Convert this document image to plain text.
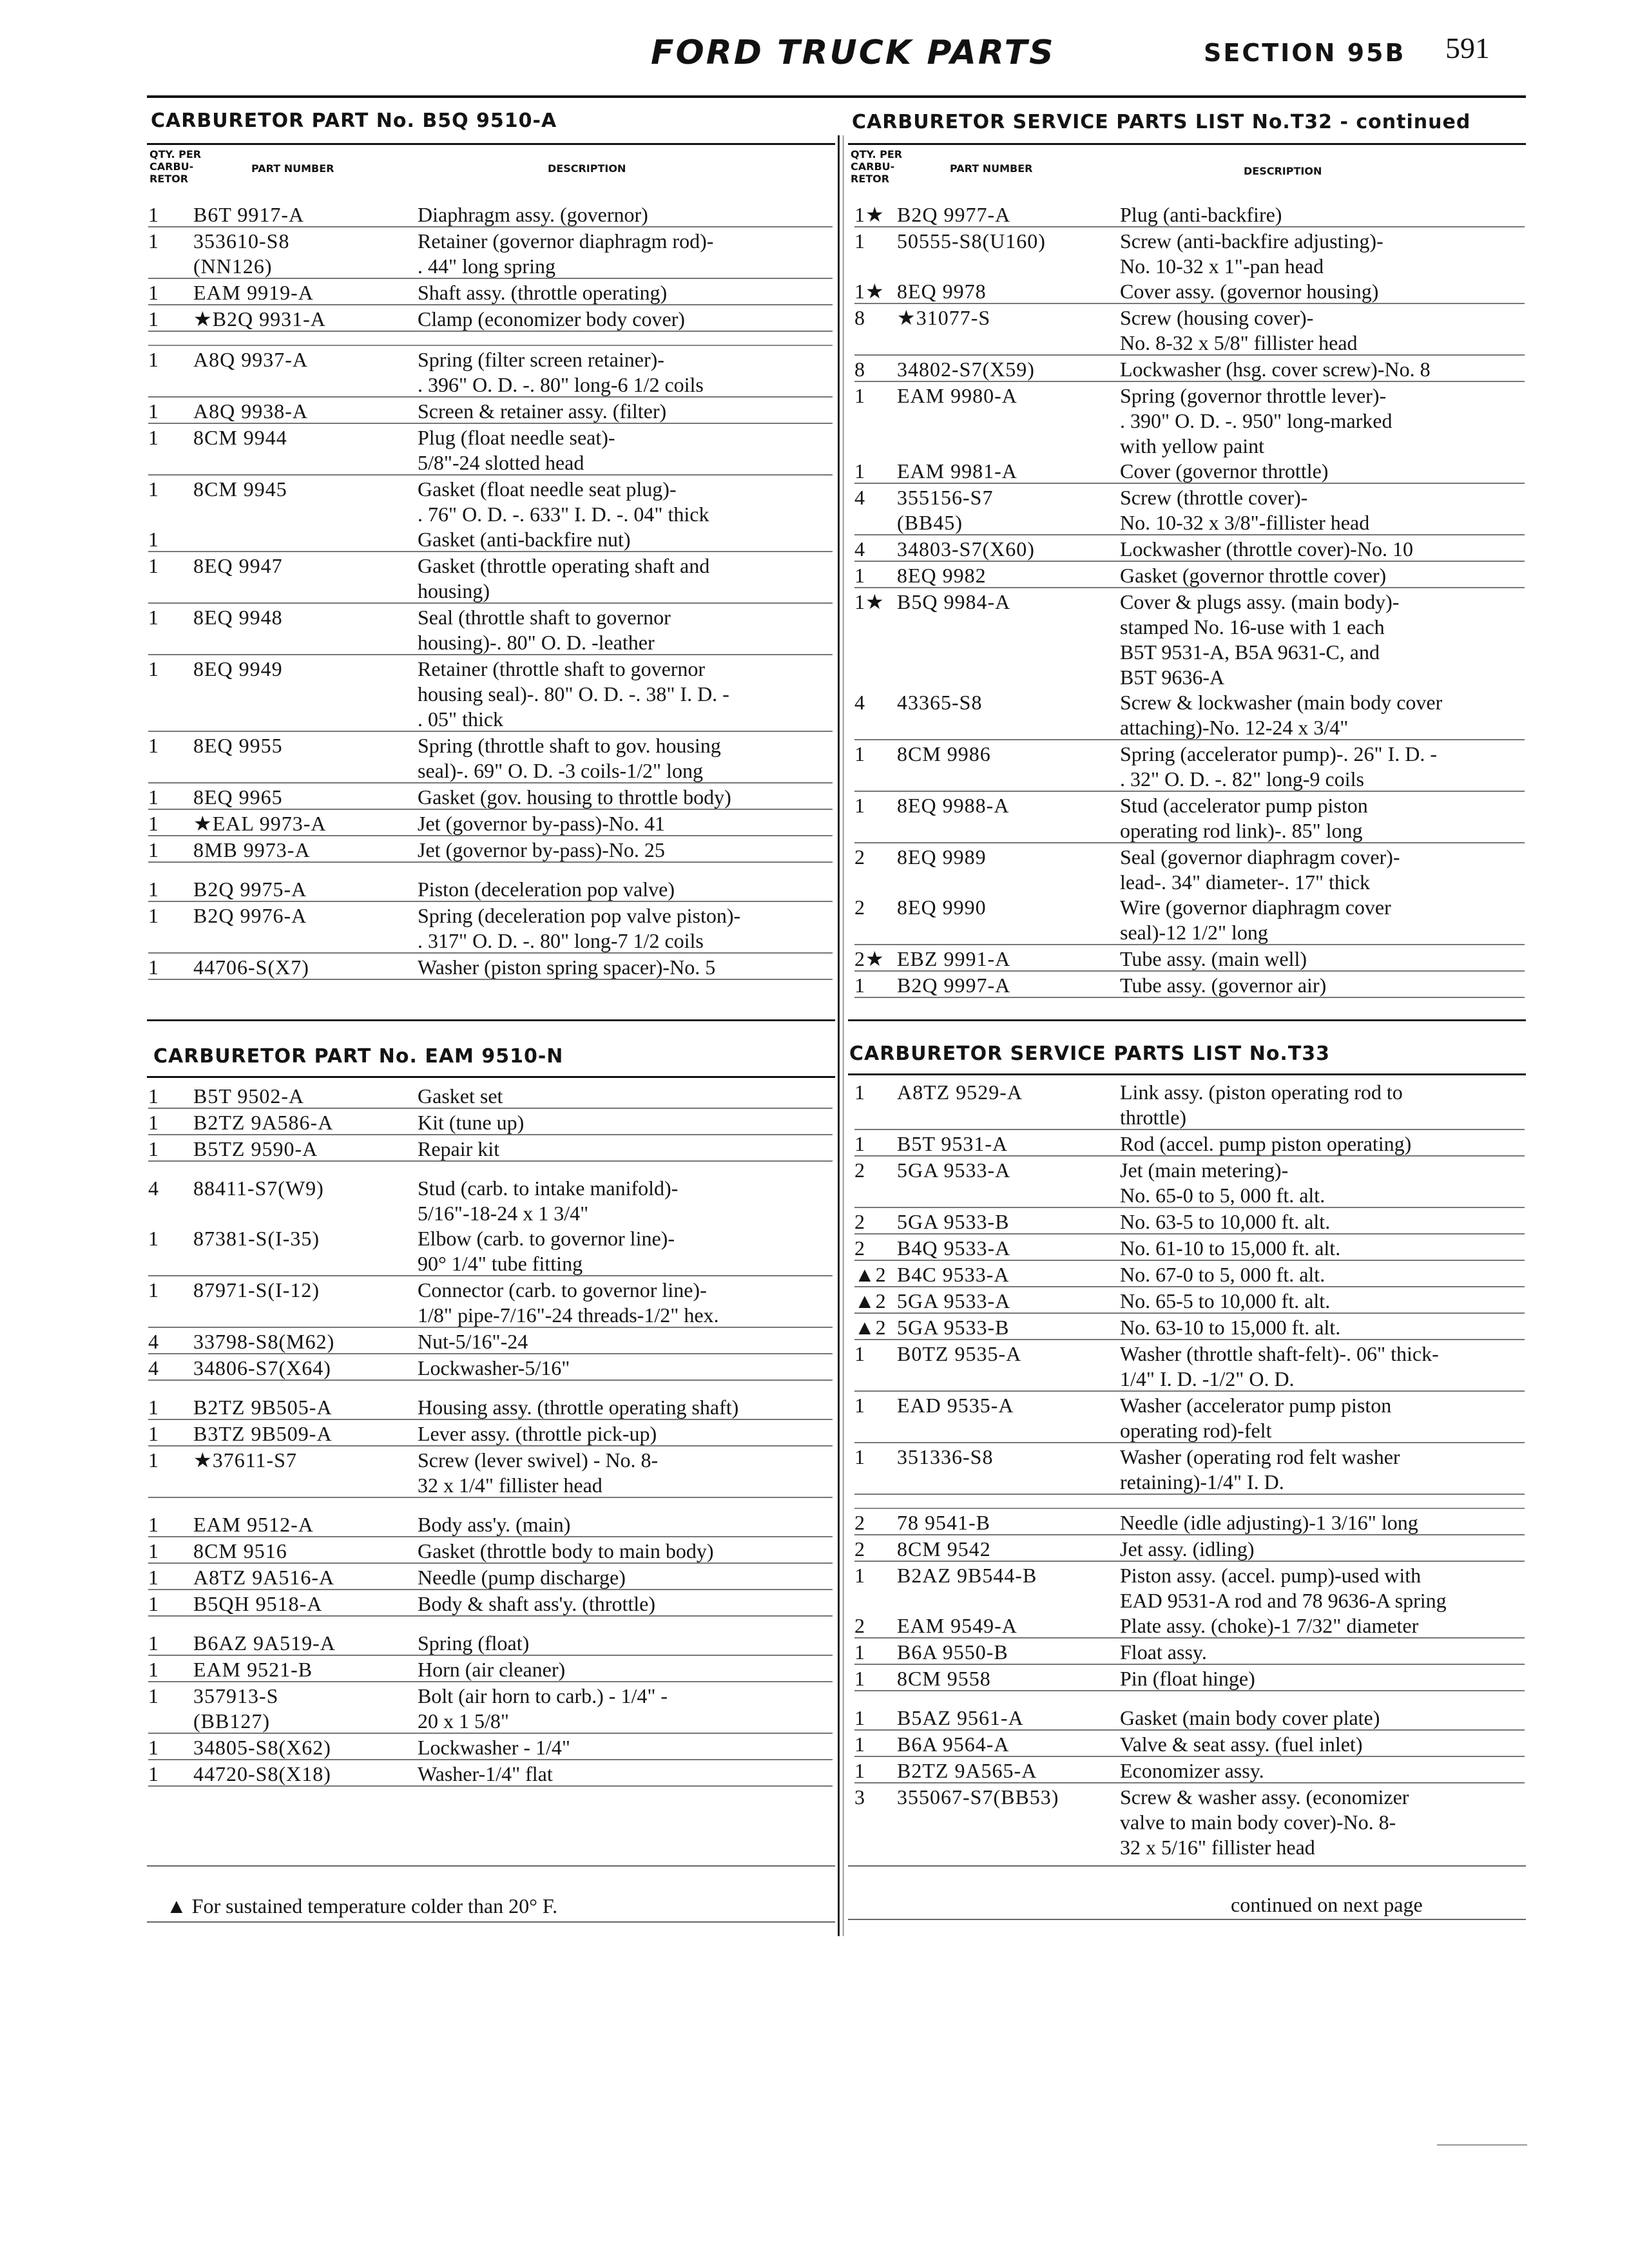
FORD TRUCK PARTS	SECTION 95B 591
CARBURETOR PART No. B5Q 9510-A
QTY. PER
CARBU-
RETOR
PART NUMBER	DESCRIPTION
1 B6T 9917-A	Diaphragm assy. (governor)
1 353610-S8	Retainer (governor diaphragm rod)-
(NN126)	. 44" long spring
1 EAM 9919-A	Shaft assy. (throttle operating)
1 ★B2Q 9931-A	Clamp (economizer body cover)
1 A8Q 9937-A	Spring (filter screen retainer)-
. 396" O. D. -. 80" long-6 1/2 coils
1 A8Q 9938-A	Screen & retainer assy. (filter)
1 8CM 9944	Plug (float needle seat)-
5/8"-24 slotted head
1 8CM 9945	Gasket (float needle seat plug)-
. 76" O. D. -. 633" I. D. -. 04" thick
1	Gasket (anti-backfire nut)
1 8EQ 9947	Gasket (throttle operating shaft and
housing)
1 8EQ 9948	Seal (throttle shaft to governor
housing)-. 80" O. D. -leather
1 8EQ 9949	Retainer (throttle shaft to governor
housing seal)-. 80" O. D. -. 38" I. D. -
. 05" thick
1 8EQ 9955	Spring (throttle shaft to gov. housing
seal)-. 69" O. D. -3 coils-1/2" long
1 8EQ 9965	Gasket (gov. housing to throttle body)
1 ★EAL 9973-A	Jet (governor by-pass)-No. 41
1 8MB 9973-A	Jet (governor by-pass)-No. 25
1 B2Q 9975-A	Piston (deceleration pop valve)
1 B2Q 9976-A	Spring (deceleration pop valve piston)-
. 317" O. D. -. 80" long-7 1/2 coils
1 44706-S(X7)	Washer (piston spring spacer)-No. 5
CARBURETOR SERVICE PARTS LIST No.T32 - continued
QTY. PER
CARBU-
RETOR
PART NUMBER	DESCRIPTION
1★ B2Q 9977-A	Plug (anti-backfire)
1 50555-S8(U160)	Screw (anti-backfire adjusting)-
No. 10-32 x 1"-pan head
1★ 8EQ 9978	Cover assy. (governor housing)
8 ★31077-S	Screw (housing cover)-
No. 8-32 x 5/8" fillister head
8 34802-S7(X59)	Lockwasher (hsg. cover screw)-No. 8
1 EAM 9980-A	Spring (governor throttle lever)-
. 390" O. D. -. 950" long-marked
with yellow paint
1 EAM 9981-A	Cover (governor throttle)
4 355156-S7	Screw (throttle cover)-
(BB45)	No. 10-32 x 3/8"-fillister head
4 34803-S7(X60)	Lockwasher (throttle cover)-No. 10
1 8EQ 9982	Gasket (governor throttle cover)
1★ B5Q 9984-A	Cover & plugs assy. (main body)-
stamped No. 16-use with 1 each
B5T 9531-A, B5A 9631-C, and
B5T 9636-A
4 43365-S8	Screw & lockwasher (main body cover
attaching)-No. 12-24 x 3/4"
1 8CM 9986	Spring (accelerator pump)-. 26" I. D. -
. 32" O. D. -. 82" long-9 coils
1 8EQ 9988-A	Stud (accelerator pump piston
operating rod link)-. 85" long
2 8EQ 9989	Seal (governor diaphragm cover)-
lead-. 34" diameter-. 17" thick
2 8EQ 9990	Wire (governor diaphragm cover
seal)-12 1/2" long
2★ EBZ 9991-A	Tube assy. (main well)
1 B2Q 9997-A	Tube assy. (governor air)
CARBURETOR PART No. EAM 9510-N
1 B5T 9502-A	Gasket set
1 B2TZ 9A586-A	Kit (tune up)
1 B5TZ 9590-A	Repair kit
4 88411-S7(W9)	Stud (carb. to intake manifold)-
5/16"-18-24 x 1 3/4"
1 87381-S(I-35)	Elbow (carb. to governor line)-
90° 1/4" tube fitting
1 87971-S(I-12)	Connector (carb. to governor line)-
1/8" pipe-7/16"-24 threads-1/2" hex.
4 33798-S8(M62)	Nut-5/16"-24
4 34806-S7(X64)	Lockwasher-5/16"
1 B2TZ 9B505-A	Housing assy. (throttle operating shaft)
1 B3TZ 9B509-A	Lever assy. (throttle pick-up)
1 ★37611-S7	Screw (lever swivel) - No. 8-
32 x 1/4" fillister head
1 EAM 9512-A	Body ass'y. (main)
1 8CM 9516	Gasket (throttle body to main body)
1 A8TZ 9A516-A	Needle (pump discharge)
1 B5QH 9518-A	Body & shaft ass'y. (throttle)
1 B6AZ 9A519-A	Spring (float)
1 EAM 9521-B	Horn (air cleaner)
1 357913-S	Bolt (air horn to carb.) - 1/4" -
(BB127)	20 x 1 5/8"
1 34805-S8(X62)	Lockwasher - 1/4"
1 44720-S8(X18)	Washer-1/4" flat
CARBURETOR SERVICE PARTS LIST No.T33
1 A8TZ 9529-A	Link assy. (piston operating rod to
throttle)
1 B5T 9531-A	Rod (accel. pump piston operating)
2 5GA 9533-A	Jet (main metering)-
No. 65-0 to 5, 000 ft. alt.
2 5GA 9533-B	No. 63-5 to 10,000 ft. alt.
2 B4Q 9533-A	No. 61-10 to 15,000 ft. alt.
▲2 B4C 9533-A	No. 67-0 to 5, 000 ft. alt.
▲2 5GA 9533-A	No. 65-5 to 10,000 ft. alt.
▲2 5GA 9533-B	No. 63-10 to 15,000 ft. alt.
1 B0TZ 9535-A	Washer (throttle shaft-felt)-. 06" thick-
1/4" I. D. -1/2" O. D.
1 EAD 9535-A	Washer (accelerator pump piston
operating rod)-felt
1 351336-S8	Washer (operating rod felt washer
retaining)-1/4" I. D.
2 78 9541-B	Needle (idle adjusting)-1 3/16" long
2 8CM 9542	Jet assy. (idling)
1 B2AZ 9B544-B	Piston assy. (accel. pump)-used with
EAD 9531-A rod and 78 9636-A spring
2 EAM 9549-A	Plate assy. (choke)-1 7/32" diameter
1 B6A 9550-B	Float assy.
1 8CM 9558	Pin (float hinge)
1 B5AZ 9561-A	Gasket (main body cover plate)
1 B6A 9564-A	Valve & seat assy. (fuel inlet)
1 B2TZ 9A565-A	Economizer assy.
3 355067-S7(BB53)	Screw & washer assy. (economizer
valve to main body cover)-No. 8-
32 x 5/16" fillister head
▲ For sustained temperature colder than 20° F.	continued on next page
